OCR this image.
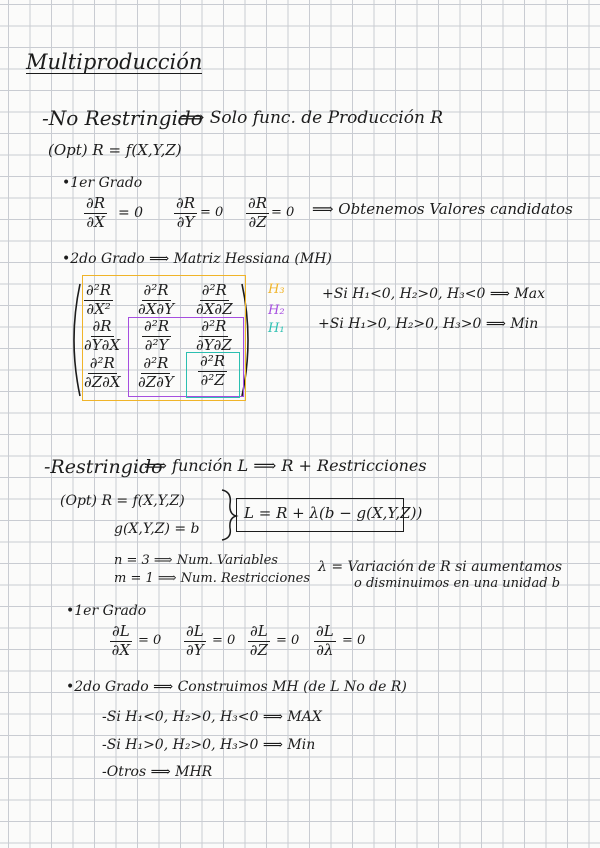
Multiproducción
-No Restringido
⟹ Solo func. de Producción R
(Opt) R = f(X,Y,Z)
•1er Grado
$\frac{\partial R}{\partial X} = 0 \frac{\partial R}{\partial Y} = 0 \frac{\partial R}{\partial Z} = 0$ ⟹ Obtenemos Valores candidatos
•2do Grado ⟹ Matriz Hessiana (MH)
$\frac{\text{∂²R}}{\text{∂X²}} \frac{\text{∂²R}}{\partial X\partial Y} \frac{\text{∂²R}}{\partial X\partial Z}$
$\frac{\partial R}{\partial Y\partial X} \frac{\text{∂²R}}{\text{∂²Y}} \frac{\text{∂²R}}{\partial Y\partial Z}$
$\frac{\text{∂²R}}{\partial Z\partial X} \frac{\text{∂²R}}{\partial Z\partial Y} \frac{\text{∂²R}}{\text{∂²Z}}$
H₃
H₂
H₁
+Si H₁<0, H₂>0, H₃<0 ⟹ Max
+Si H₁>0, H₂>0, H₃>0 ⟹ Min
-Restringido
⟹ función L ⟹ R + Restricciones
(Opt) R = f(X,Y,Z)
g(X,Y,Z) = b
L = R + λ(b − g(X,Y,Z))
n = 3 ⟹ Num. Variables
m = 1 ⟹ Num. Restricciones
λ = Variación de R si aumentamos
o disminuimos en una unidad b
•1er Grado
$\frac{\partial L}{\partial X} = 0 \frac{\partial L}{\partial Y} = 0 \frac{\partial L}{\partial Z} = 0 \frac{\partial L}{\partial\lambda} = 0$
•2do Grado ⟹ Construimos MH (de L No de R)
-Si H₁<0, H₂>0, H₃<0 ⟹ MAX
-Si H₁>0, H₂>0, H₃>0 ⟹ Min
-Otros ⟹ MHR
